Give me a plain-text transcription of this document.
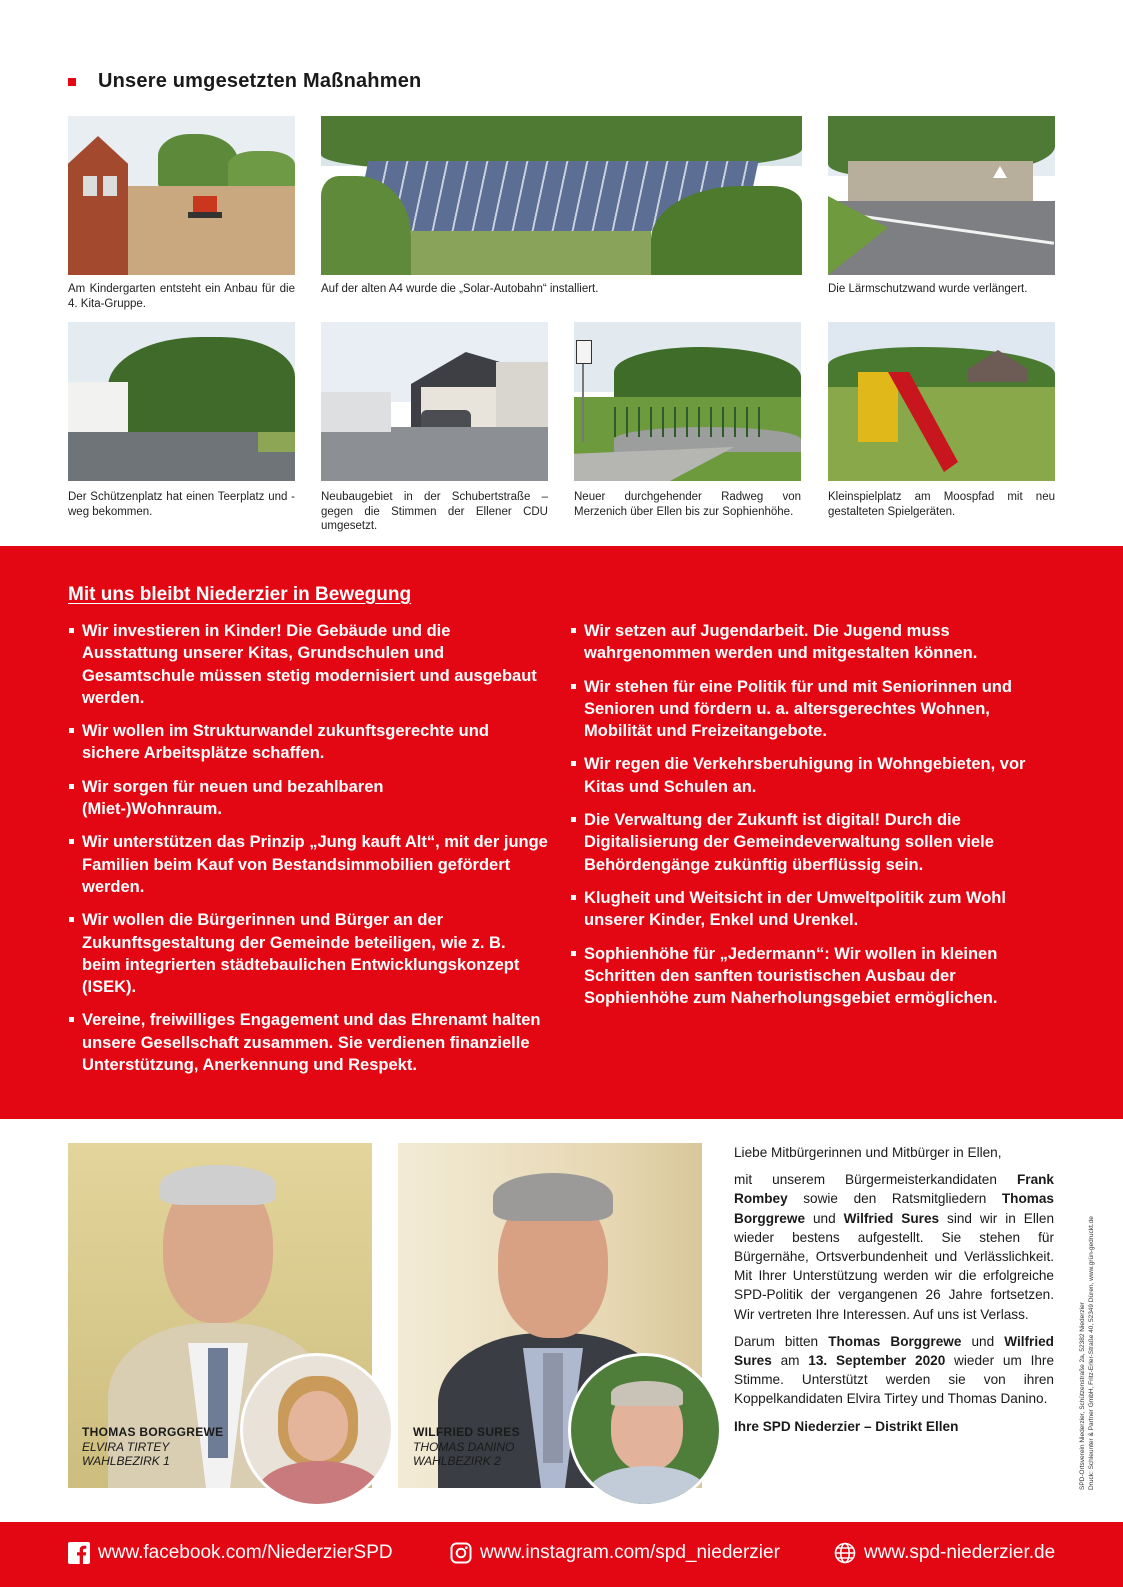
Unsere umgesetzten Maßnahmen
Am Kindergarten entsteht ein Anbau für die 4. Kita-Gruppe.
Auf der alten A4 wurde die „Solar-Autobahn“ installiert.	Die Lärmschutzwand wurde verlängert.
Der Schützenplatz hat einen Teerplatz und -weg bekommen.
Neubaugebiet in der Schubertstraße – gegen die Stimmen der Ellener CDU umgesetzt.
Neuer durchgehender Radweg von Merzenich über Ellen bis zur Sophienhöhe.
Kleinspielplatz am Moospfad mit neu gestalteten Spielgeräten.
Mit uns bleibt Niederzier in Bewegung
Wir investieren in Kinder! Die Gebäude und die Ausstattung unserer Kitas, Grundschulen und Gesamtschule müssen stetig modernisiert und ausgebaut werden.
Wir wollen im Strukturwandel zukunftsgerechte und sichere Arbeitsplätze schaffen.
Wir sorgen für neuen und bezahlbaren (Miet-)Wohnraum.
Wir unterstützen das Prinzip „Jung kauft Alt“, mit der junge Familien beim Kauf von Bestandsimmobilien gefördert werden.
Wir wollen die Bürgerinnen und Bürger an der Zukunftsgestaltung der Gemeinde beteiligen, wie z. B. beim integrierten städtebaulichen Entwicklungskonzept (ISEK).
Vereine, freiwilliges Engagement und das Ehrenamt halten unsere Gesellschaft zusammen. Sie verdienen finanzielle Unterstützung, Anerkennung und Respekt.
Wir setzen auf Jugendarbeit. Die Jugend muss wahrgenommen werden und mitgestalten können.
Wir stehen für eine Politik für und mit Seniorinnen und Senioren und fördern u. a. altersgerechtes Wohnen, Mobilität und Freizeitangebote.
Wir regen die Verkehrsberuhigung in Wohngebieten, vor Kitas und Schulen an.
Die Verwaltung der Zukunft ist digital! Durch die Digitalisierung der Gemeindeverwaltung sollen viele Behördengänge zukünftig überflüssig sein.
Klugheit und Weitsicht in der Umweltpolitik zum Wohl unserer Kinder, Enkel und Urenkel.
Sophienhöhe für „Jedermann“: Wir wollen in kleinen Schritten den sanften touristischen Ausbau der Sophienhöhe zum Naherholungsgebiet ermöglichen.
THOMAS BORGGREWE
ELVIRA TIRTEY
WAHLBEZIRK 1
WILFRIED SURES
THOMAS DANINO
WAHLBEZIRK 2

Liebe Mitbürgerinnen und Mitbürger in Ellen,

mit unserem Bürgermeisterkandidaten Frank Rombey sowie den Ratsmitgliedern Thomas Borggrewe und Wilfried Sures sind wir in Ellen wieder bestens aufgestellt. Sie stehen für Bürgernähe, Ortsverbundenheit und Verlässlichkeit. Mit Ihrer Unterstützung werden wir die erfolgreiche SPD-Politik der vergangenen 26 Jahre fortsetzen. Wir vertreten Ihre Interessen. Auf uns ist Verlass.

Darum bitten Thomas Borggrewe und Wilfried Sures am 13. September 2020 wieder um Ihre Stimme. Unterstützt werden sie von ihren Koppelkandidaten Elvira Tirtey und Thomas Danino.

Ihre SPD Niederzier – Distrikt Ellen	SPD-Ortsverein Niederzier, Schützenstraße 2a, 52382 Niederzier Druck: Schleunter & Partner GmbH, Fritz-Erler-Straße 40, 52349 Düren, www.grün-gedruckt.de
www.facebook.com/NiederzierSPD	www.instagram.com/spd_niederzier	www.spd-niederzier.de
